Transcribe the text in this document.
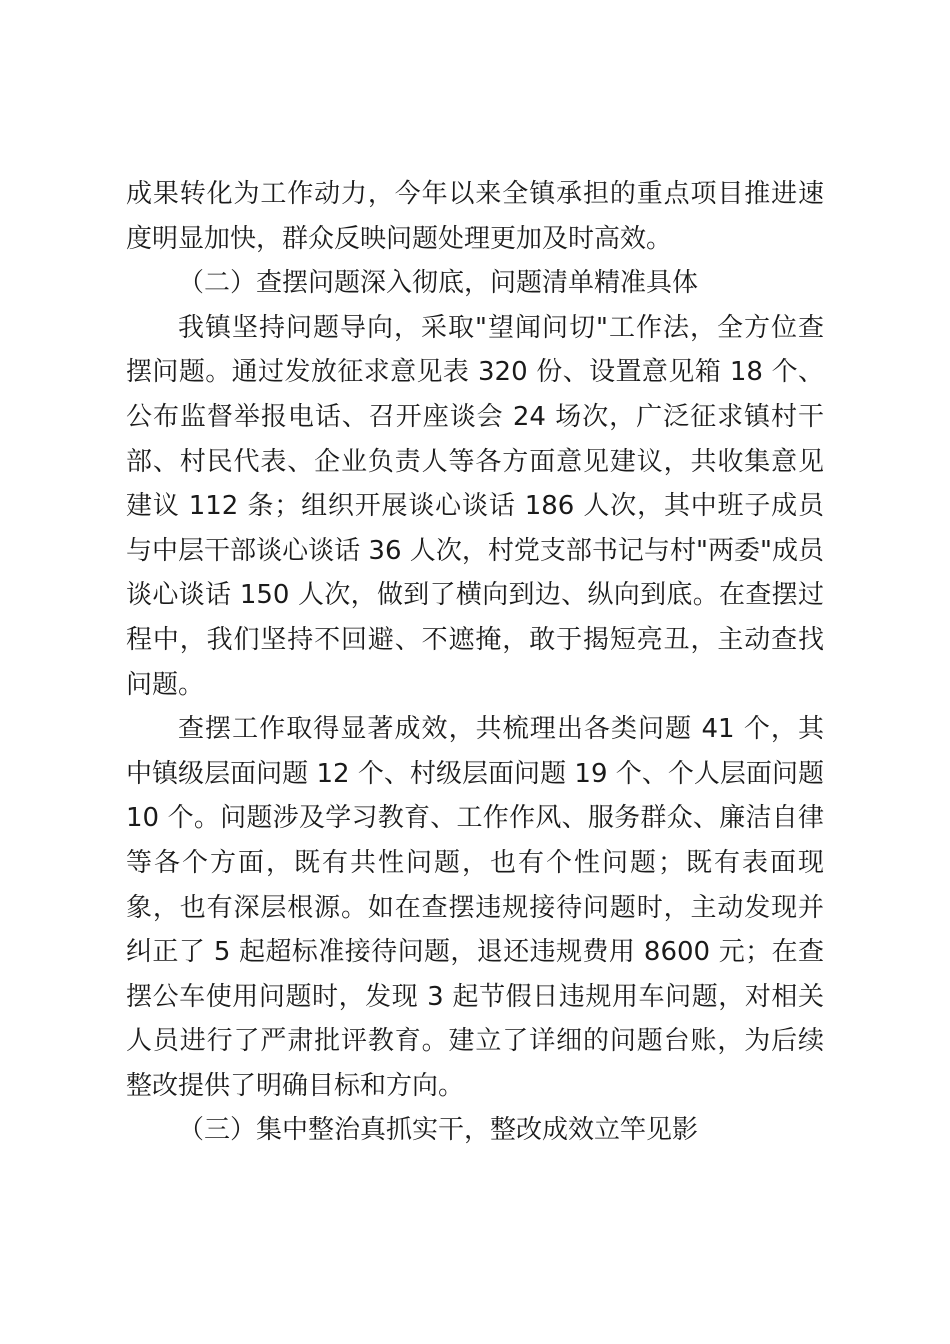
成果转化为工作动力，今年以来全镇承担的重点项目推进速度明显加快，群众反映问题处理更加及时高效。

（二）查摆问题深入彻底，问题清单精准具体

我镇坚持问题导向，采取"望闻问切"工作法，全方位查摆问题。通过发放征求意见表 320 份、设置意见箱 18 个、公布监督举报电话、召开座谈会 24 场次，广泛征求镇村干部、村民代表、企业负责人等各方面意见建议，共收集意见建议 112 条；组织开展谈心谈话 186 人次，其中班子成员与中层干部谈心谈话 36 人次，村党支部书记与村"两委"成员谈心谈话 150 人次，做到了横向到边、纵向到底。在查摆过程中，我们坚持不回避、不遮掩，敢于揭短亮丑，主动查找问题。

查摆工作取得显著成效，共梳理出各类问题 41 个，其中镇级层面问题 12 个、村级层面问题 19 个、个人层面问题 10 个。问题涉及学习教育、工作作风、服务群众、廉洁自律等各个方面，既有共性问题，也有个性问题；既有表面现象，也有深层根源。如在查摆违规接待问题时，主动发现并纠正了 5 起超标准接待问题，退还违规费用 8600 元；在查摆公车使用问题时，发现 3 起节假日违规用车问题，对相关人员进行了严肃批评教育。建立了详细的问题台账，为后续整改提供了明确目标和方向。

（三）集中整治真抓实干，整改成效立竿见影
